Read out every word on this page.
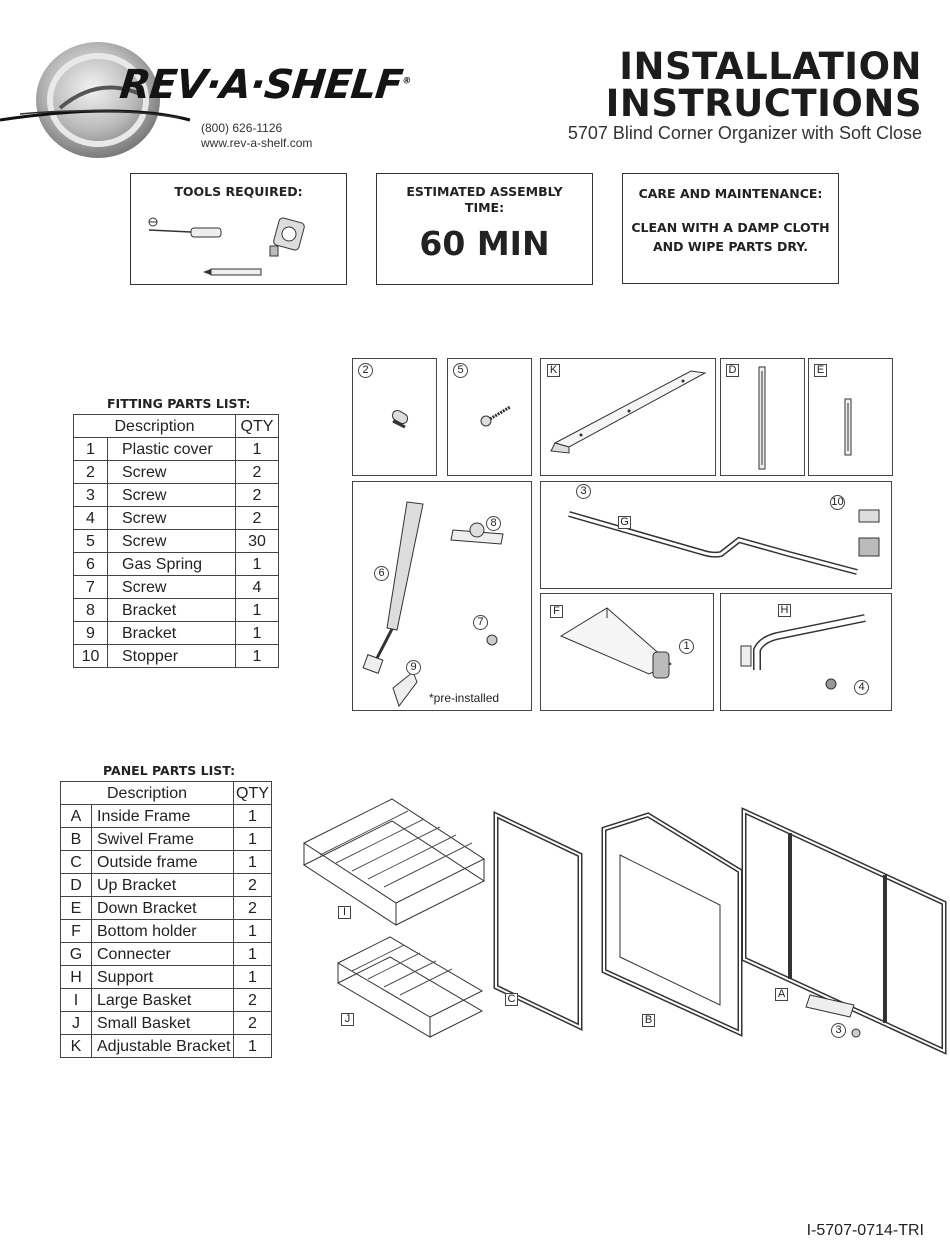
REV·A·SHELF®
(800) 626-1126
www.rev-a-shelf.com
INSTALLATION
INSTRUCTIONS
5707 Blind Corner Organizer with Soft Close
TOOLS REQUIRED:	ESTIMATED ASSEMBLY
TIME:
60 MIN
CARE AND MAINTENANCE:
CLEAN WITH A DAMP CLOTH
AND WIPE PARTS DRY.
FITTING PARTS LIST:
Description		QTY
1	Plastic cover	1
2	Screw	2
3	Screw	2
4	Screw	2
5	Screw	30
6	Gas Spring	1
7	Screw	4
8	Bracket	1
9	Bracket	1
10	Stopper	1
PANEL PARTS LIST:
Description		QTY
A	Inside Frame	1
B	Swivel Frame	1
C	Outside frame	1
D	Up Bracket	2
E	Down Bracket	2
F	Bottom holder	1
G	Connecter	1
H	Support	1
I	Large Basket	2
J	Small Basket	2
K	Adjustable Bracket	1
2	5	K	D	E
6
8
7
9
*pre-installed
3
G
10
F
1
H
4
I
J
C
B
A
3
I-5707-0714-TRI
